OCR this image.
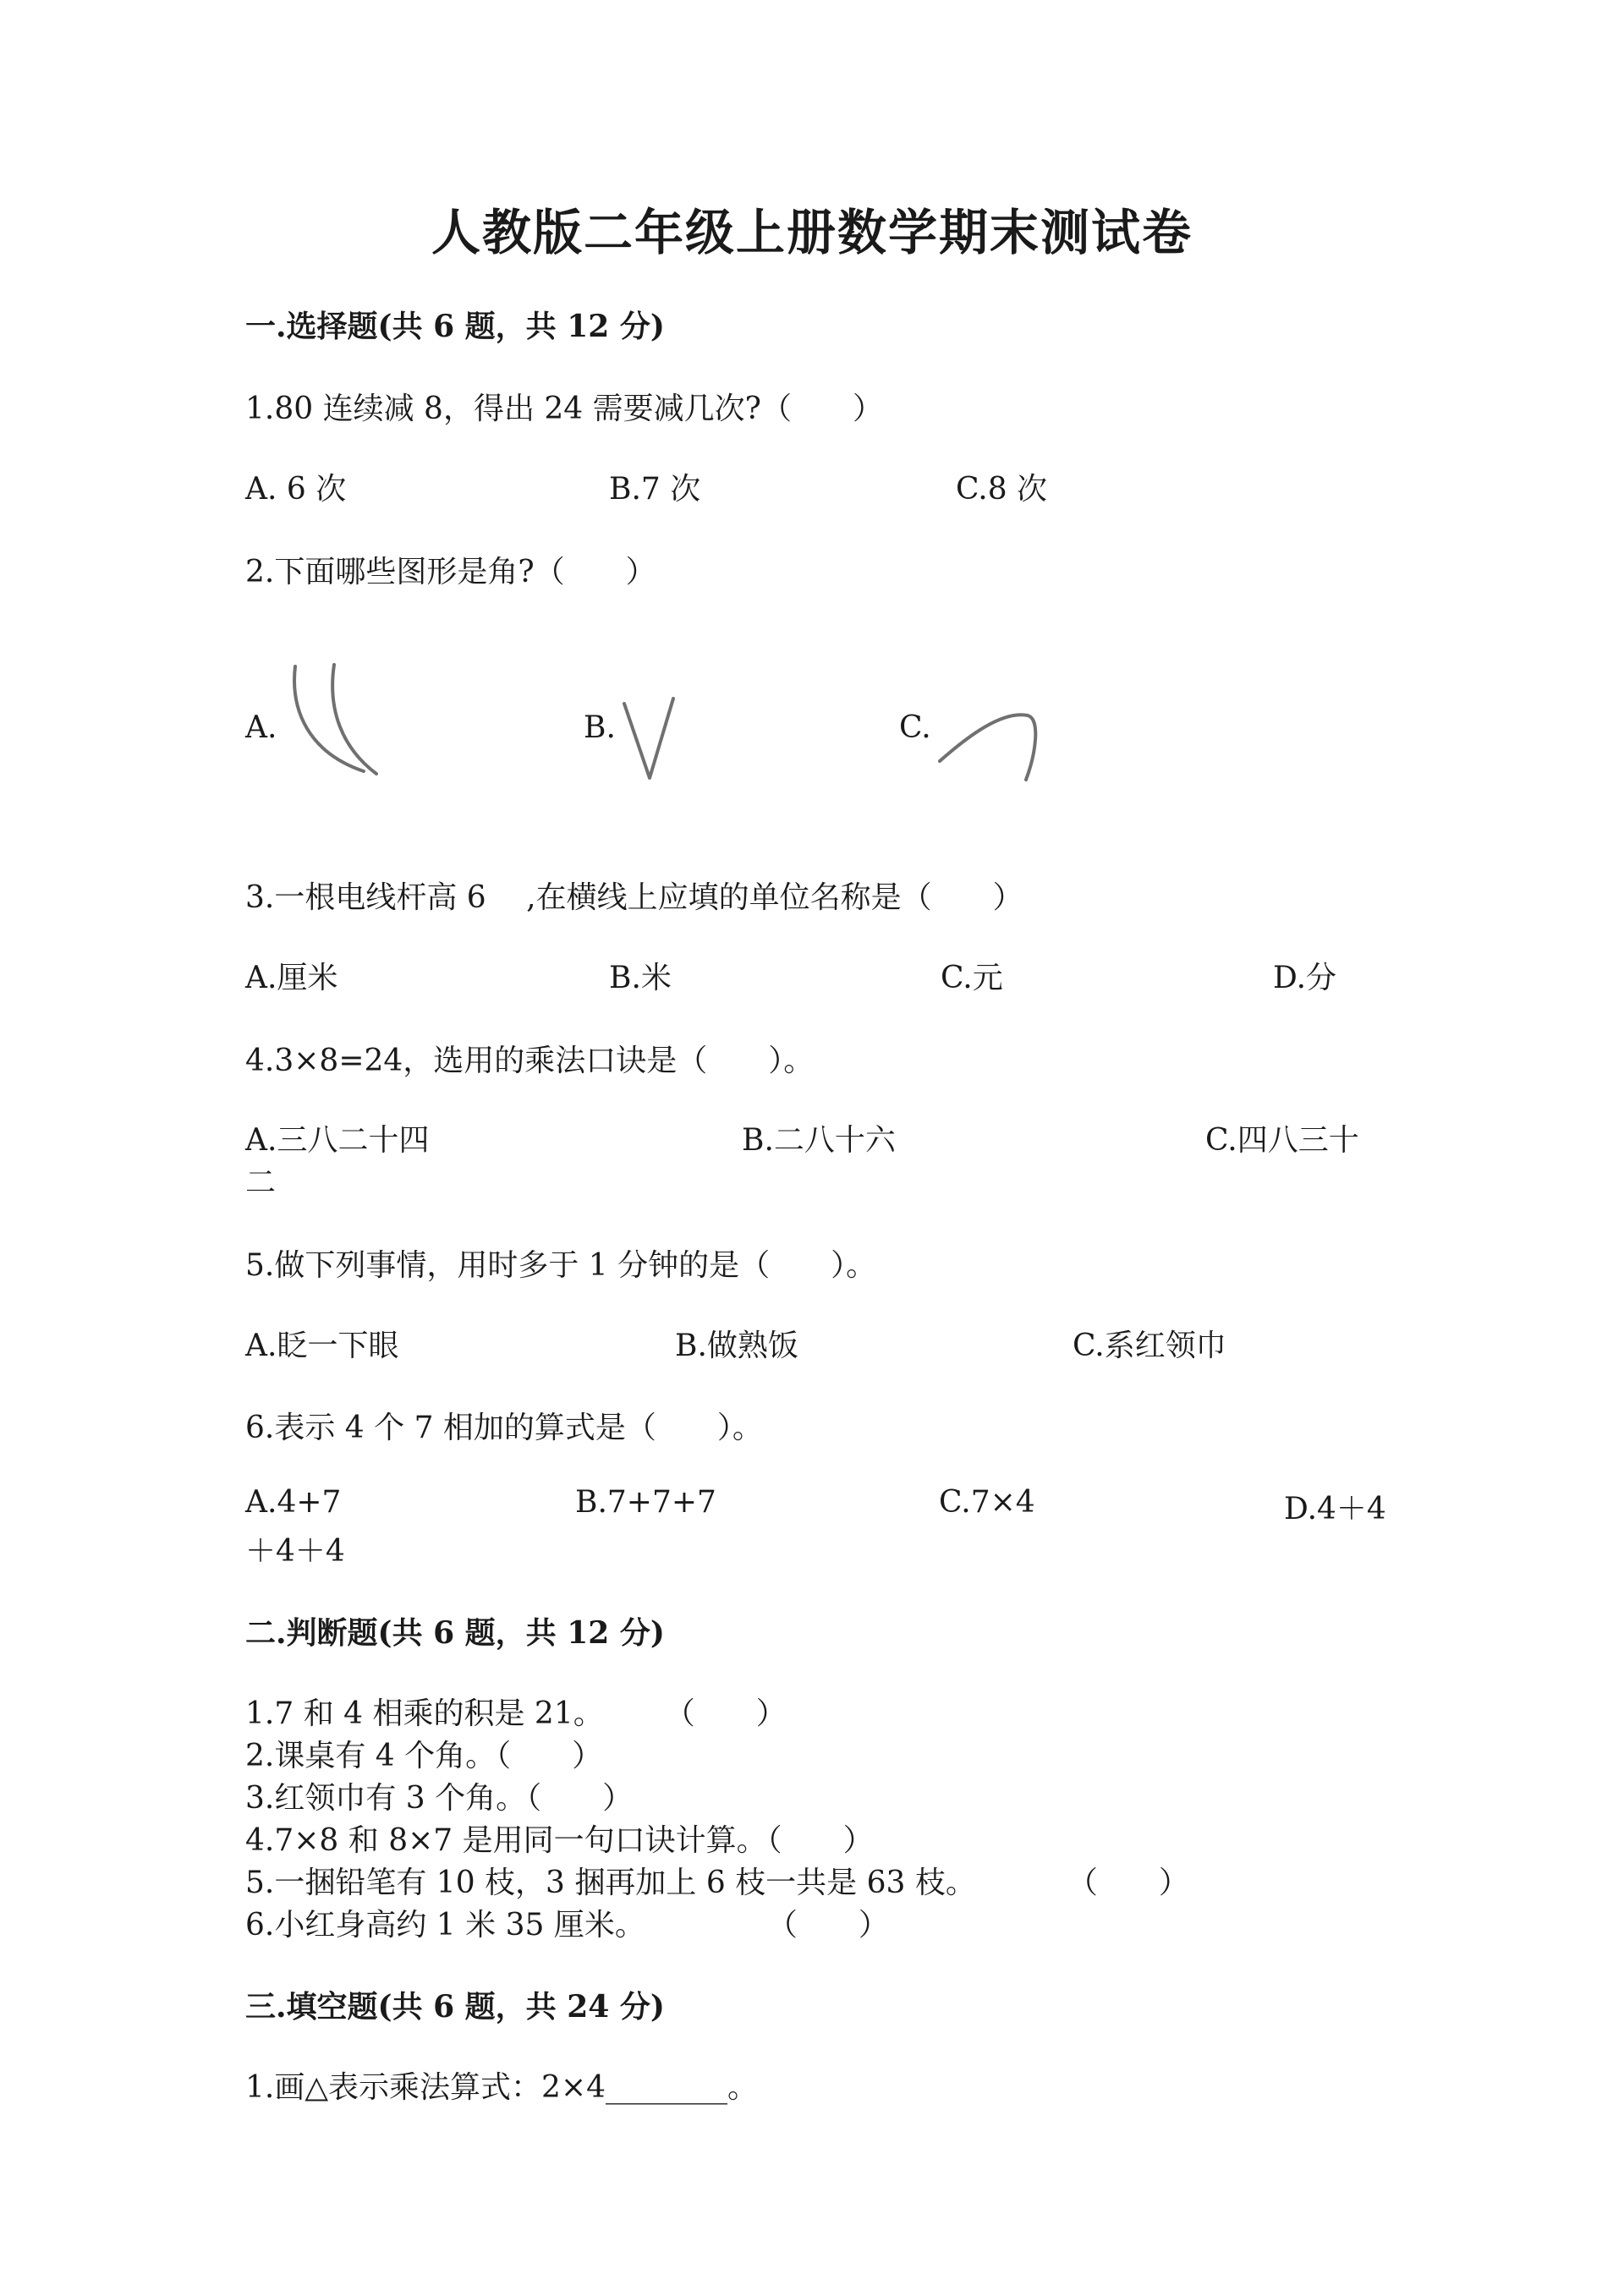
人教版二年级上册数学期末测试卷
一.选择题(共 6 题，共 12 分)
1.80 连续减 8，得出 24 需要减几次?（　　）
A. 6 次	B.7 次	C.8 次
2.下面哪些图形是角?（　　）
A.	B.	C.
3.一根电线杆高 6　 ,在横线上应填的单位名称是（　　）
A.厘米	B.米	C.元	D.分
4.3×8=24，选用的乘法口诀是（　　）。
A.三八二十四	B.二八十六	C.四八三十
二
5.做下列事情，用时多于 1 分钟的是（　　）。
A.眨一下眼	B.做熟饭	C.系红领巾
6.表示 4 个 7 相加的算式是（　　）。
A.4+7	B.7+7+7	C.7×4	D.4＋4
＋4＋4
二.判断题(共 6 题，共 12 分)
1.7 和 4 相乘的积是 21。　　　（　　）
2.课桌有 4 个角。（　　）
3.红领巾有 3 个角。（　　）
4.7×8 和 8×7 是用同一句口诀计算。（　　）
5.一捆铅笔有 10 枝，3 捆再加上 6 枝一共是 63 枝。　　　　（　　）
6.小红身高约 1 米 35 厘米。　　　　　（　　）
三.填空题(共 6 题，共 24 分)
1.画△表示乘法算式：2×4________。
